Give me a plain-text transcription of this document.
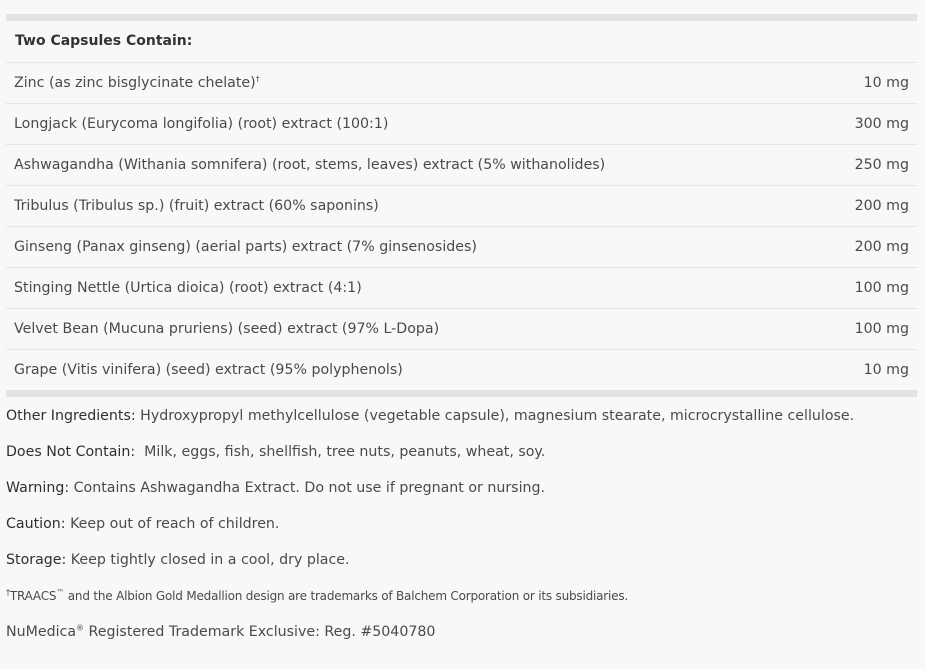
Two Capsules Contain:
Zinc (as zinc bisglycinate chelate)†	10 mg
Longjack (Eurycoma longifolia) (root) extract (100:1)	300 mg
Ashwagandha (Withania somnifera) (root, stems, leaves) extract (5% withanolides)	250 mg
Tribulus (Tribulus sp.) (fruit) extract (60% saponins)	200 mg
Ginseng (Panax ginseng) (aerial parts) extract (7% ginsenosides)	200 mg
Stinging Nettle (Urtica dioica) (root) extract (4:1)	100 mg
Velvet Bean (Mucuna pruriens) (seed) extract (97% L-Dopa)	100 mg
Grape (Vitis vinifera) (seed) extract (95% polyphenols)	10 mg
Other Ingredients: Hydroxypropyl methylcellulose (vegetable capsule), magnesium stearate, microcrystalline cellulose.
Does Not Contain:  Milk, eggs, fish, shellfish, tree nuts, peanuts, wheat, soy.
Warning: Contains Ashwagandha Extract. Do not use if pregnant or nursing.
Caution: Keep out of reach of children.
Storage: Keep tightly closed in a cool, dry place.
†TRAACS™ and the Albion Gold Medallion design are trademarks of Balchem Corporation or its subsidiaries.
NuMedica® Registered Trademark Exclusive: Reg. #5040780
